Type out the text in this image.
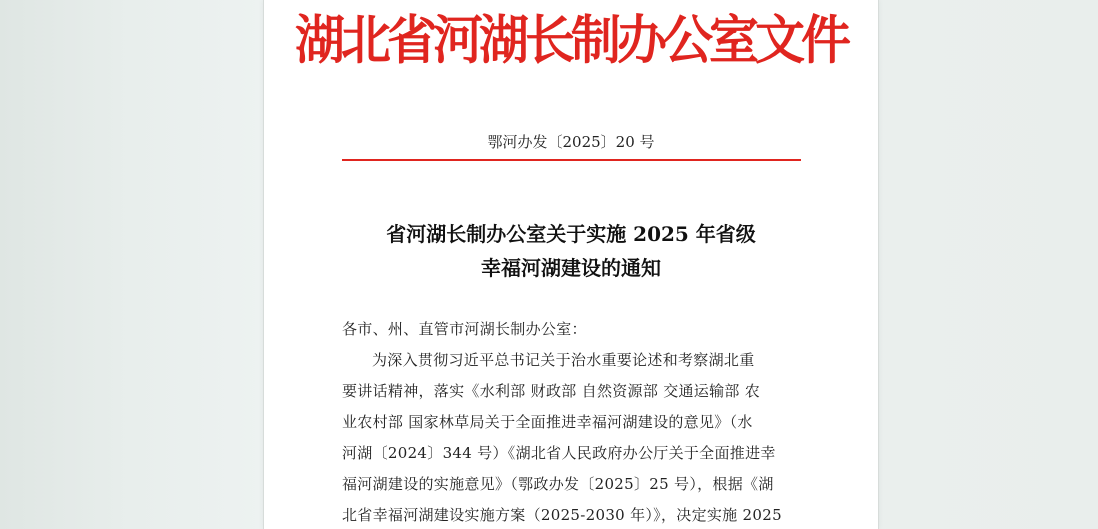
湖北省河湖长制办公室文件
鄂河办发〔2025〕20 号
省河湖长制办公室关于实施 2025 年省级
幸福河湖建设的通知
各市、州、直管市河湖长制办公室：
为深入贯彻习近平总书记关于治水重要论述和考察湖北重
要讲话精神，落实《水利部 财政部 自然资源部 交通运输部 农
业农村部 国家林草局关于全面推进幸福河湖建设的意见》（水
河湖〔2024〕344 号）《湖北省人民政府办公厅关于全面推进幸
福河湖建设的实施意见》（鄂政办发〔2025〕25 号），根据《湖
北省幸福河湖建设实施方案（2025-2030 年）》，决定实施 2025
